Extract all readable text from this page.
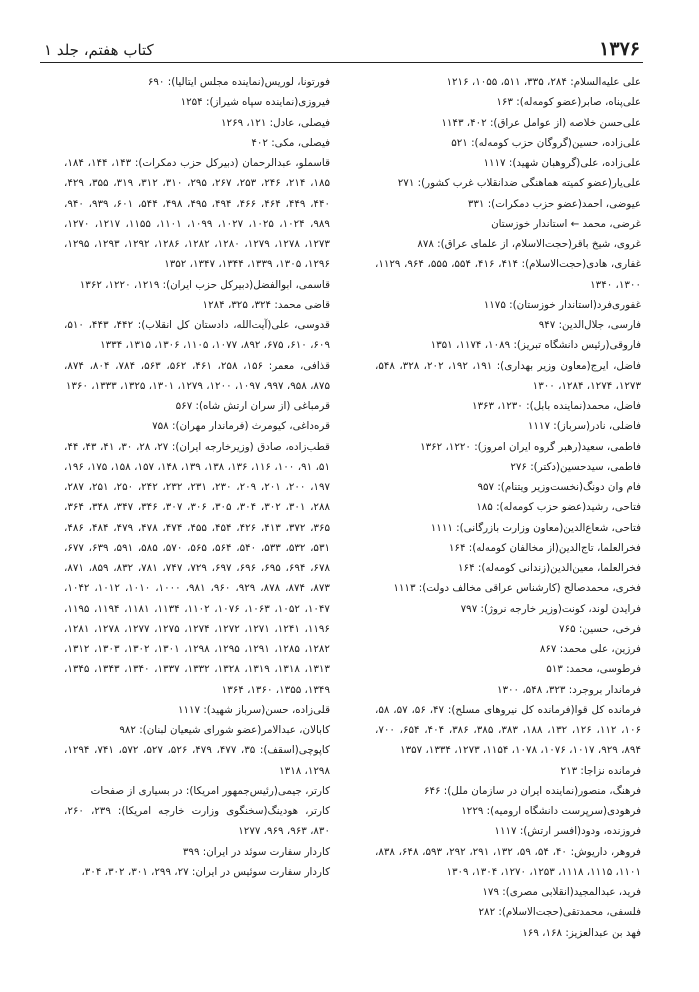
۱۳۷۶
کتاب هفتم، جلد ۱

علی علیه‌السلام: ۲۸۴، ۳۳۵، ۵۱۱، ۱۰۵۵، ۱۲۱۶

علی‌پناه، صابر(عضو کومه‌له): ۱۶۳

علی‌حسن خلاصه (از عوامل عراق): ۴۰۲، ۱۱۴۳

علی‌زاده، حسین(گروگان حزب کومه‌له): ۵۲۱

علی‌زاده، علی(گروهبان شهید): ۱۱۱۷

علی‌یار(عضو کمیته هماهنگی ضدانقلاب غرب کشور): ۲۷۱

عیوضی، احمد(عضو حزب دمکرات): ۳۳۱

غرضی، محمد ← استاندار خوزستان

غروی، شیخ باقر(حجت‌الاسلام، از علمای عراق): ۸۷۸

غفاری، هادی(حجت‌الاسلام): ۴۱۴، ۴۱۶، ۵۵۴، ۵۵۵، ۹۶۴، ۱۱۲۹، ۱۳۰۰، ۱۳۴۰

غفوری‌فرد(استاندار خوزستان): ۱۱۷۵

فارسی، جلال‌الدین: ۹۴۷

فاروقی(رئیس دانشگاه تبریز): ۱۰۸۹، ۱۱۷۴، ۱۳۵۱

فاضل، ایرج(معاون وزیر بهداری): ۱۹۱، ۱۹۲، ۲۰۲، ۳۲۸، ۵۴۸، ۱۲۷۳، ۱۲۷۴، ۱۲۸۴، ۱۳۰۰

فاضل، محمد(نماینده بابل): ۱۲۳۰، ۱۳۶۳

فاضلی، نادر(سرباز): ۱۱۱۷

فاطمی، سعید(رهبر گروه ایران امروز): ۱۲۲۰، ۱۳۶۲

فاطمی، سیدحسین(دکتر): ۲۷۶

فام وان دونگ(نخست‌وزیر ویتنام): ۹۵۷

فتاحی، رشید(عضو حزب کومه‌له): ۱۸۵

فتاحی، شعاع‌الدین(معاون وزارت بازرگانی): ۱۱۱۱

فخرالعلما، تاج‌الدین(از مخالفان کومه‌له): ۱۶۴

فخرالعلما، معین‌الدین(زندانی کومه‌له): ۱۶۴

فخری، محمدصالح (کارشناس عراقی مخالف دولت): ۱۱۱۳

فرایدن لوند، کونت(وزیر خارجه نروژ): ۷۹۷

فرخی، حسین: ۷۶۵

فرزین، علی محمد: ۸۶۷

فرطوسی، محمد: ۵۱۳

فرماندار بروجرد: ۳۲۳، ۵۴۸، ۱۳۰۰

فرمانده کل قوا(فرمانده کل نیروهای مسلح): ۴۷، ۵۶، ۵۷، ۵۸، ۱۰۶، ۱۱۲، ۱۲۶، ۱۳۲، ۱۸۸، ۳۸۳، ۳۸۵، ۳۸۶، ۴۰۴، ۶۵۴، ۷۰۰، ۸۹۴، ۹۲۹، ۱۰۱۷، ۱۰۷۶، ۱۰۷۸، ۱۱۵۴، ۱۲۷۳، ۱۳۳۴، ۱۳۵۷

فرمانده نزاجا: ۲۱۳

فرهنگ، منصور(نماینده ایران در سازمان ملل): ۶۴۶

فرهودی(سرپرست دانشگاه ارومیه): ۱۲۲۹

فروزنده، ودود(افسر ارتش): ۱۱۱۷

فروهر، داریوش: ۴۰، ۵۴، ۵۹، ۱۳۲، ۲۹۱، ۲۹۲، ۵۹۳، ۶۴۸، ۸۳۸، ۱۱۰۱، ۱۱۱۵، ۱۱۱۸، ۱۲۵۳، ۱۲۷۰، ۱۳۰۴، ۱۳۰۹

فرید، عبدالمجید(انقلابی مصری): ۱۷۹

فلسفی، محمدتقی(حجت‌الاسلام): ۲۸۲

فهد بن عبدالعزیز: ۱۶۸، ۱۶۹

فورتونا، لوریس(نماینده مجلس ایتالیا): ۶۹۰

فیروزی(نماینده سپاه شیراز): ۱۲۵۴

فیصلی، عادل: ۱۲۱، ۱۲۶۹

فیصلی، مکی: ۴۰۲

قاسملو، عبدالرحمان (دبیرکل حزب دمکرات): ۱۴۳، ۱۴۴، ۱۸۴، ۱۸۵، ۲۱۴، ۲۴۶، ۲۵۳، ۲۶۷، ۲۹۵، ۳۱۰، ۳۱۲، ۳۱۹، ۳۵۵، ۴۲۹، ۴۴۰، ۴۴۹، ۴۶۴، ۴۶۶، ۴۹۴، ۴۹۵، ۴۹۸، ۵۴۴، ۶۰۱، ۹۳۹، ۹۴۰، ۹۸۹، ۱۰۲۴، ۱۰۲۵، ۱۰۲۷، ۱۰۹۹، ۱۱۰۱، ۱۱۵۵، ۱۲۱۷، ۱۲۷۰، ۱۲۷۳، ۱۲۷۸، ۱۲۷۹، ۱۲۸۰، ۱۲۸۲، ۱۲۸۶، ۱۲۹۲، ۱۲۹۳، ۱۲۹۵، ۱۲۹۶، ۱۳۰۵، ۱۳۳۹، ۱۳۴۴، ۱۳۴۷، ۱۳۵۲

قاسمی، ابوالفضل(دبیرکل حزب ایران): ۱۲۱۹، ۱۲۲۰، ۱۳۶۲

قاضی محمد: ۳۲۴، ۳۲۵، ۱۲۸۴

قدوسی، علی(آیت‌الله، دادستان کل انقلاب): ۴۴۲، ۴۴۳، ۵۱۰، ۶۰۹، ۶۱۰، ۶۷۵، ۸۹۲، ۱۰۷۷، ۱۱۰۵، ۱۳۰۶، ۱۳۱۵، ۱۳۳۴

قذافی، معمر: ۱۵۶، ۲۵۸، ۴۶۱، ۵۶۲، ۵۶۳، ۷۸۴، ۸۰۴، ۸۷۴، ۸۷۵، ۹۵۸، ۹۹۷، ۱۰۹۷، ۱۲۰۰، ۱۲۷۹، ۱۳۰۱، ۱۳۲۵، ۱۳۳۳، ۱۳۶۰

قرمباغی (از سران ارتش شاه): ۵۶۷

قره‌داغی، کیومرث (فرماندار مهران): ۷۵۸

قطب‌زاده، صادق (وزیرخارجه ایران): ۲۷، ۲۸، ۳۰، ۴۱، ۴۳، ۴۴، ۵۱، ۹۱، ۱۰۰، ۱۱۶، ۱۳۶، ۱۳۸، ۱۳۹، ۱۴۸، ۱۵۷، ۱۵۸، ۱۷۵، ۱۹۶، ۱۹۷، ۲۰۰، ۲۰۱، ۲۰۹، ۲۳۰، ۲۳۱، ۲۳۲، ۲۴۲، ۲۵۰، ۲۵۱، ۲۸۷، ۲۸۸، ۳۰۱، ۳۰۲، ۳۰۴، ۳۰۵، ۳۰۶، ۳۰۷، ۳۴۶، ۳۴۷، ۳۴۸، ۳۶۴، ۳۶۵، ۳۷۲، ۴۱۳، ۴۲۶، ۴۵۴، ۴۵۵، ۴۷۴، ۴۷۸، ۴۷۹، ۴۸۴، ۴۸۶، ۵۳۱، ۵۳۲، ۵۳۳، ۵۴۰، ۵۶۴، ۵۶۵، ۵۷۰، ۵۸۵، ۵۹۱، ۶۳۹، ۶۷۷، ۶۷۸، ۶۹۴، ۶۹۵، ۶۹۶، ۶۹۷، ۷۲۹، ۷۴۷، ۷۸۱، ۸۳۲، ۸۵۹، ۸۷۱، ۸۷۳، ۸۷۴، ۸۷۸، ۹۲۹، ۹۶۰، ۹۸۱، ۱۰۰۰، ۱۰۱۰، ۱۰۱۲، ۱۰۴۲، ۱۰۴۷، ۱۰۵۲، ۱۰۶۳، ۱۰۷۶، ۱۱۰۲، ۱۱۳۴، ۱۱۸۱، ۱۱۹۴، ۱۱۹۵، ۱۱۹۶، ۱۲۴۱، ۱۲۷۱، ۱۲۷۲، ۱۲۷۴، ۱۲۷۵، ۱۲۷۷، ۱۲۷۸، ۱۲۸۱، ۱۲۸۲، ۱۲۸۵، ۱۲۹۱، ۱۲۹۵، ۱۲۹۸، ۱۳۰۱، ۱۳۰۲، ۱۳۰۳، ۱۳۱۲، ۱۳۱۳، ۱۳۱۸، ۱۳۱۹، ۱۳۲۸، ۱۳۳۲، ۱۳۳۷، ۱۳۴۰، ۱۳۴۳، ۱۳۴۵، ۱۳۴۹، ۱۳۵۵، ۱۳۶۰، ۱۳۶۴

قلی‌زاده، حسن(سرباز شهید): ۱۱۱۷

کابالان، عبدالامر(عضو شورای شیعیان لبنان): ۹۸۲

کاپوچی(اسقف): ۳۵، ۴۷۷، ۴۷۹، ۵۲۶، ۵۲۷، ۵۷۲، ۷۴۱، ۱۲۹۴، ۱۲۹۸، ۱۳۱۸

کارتر، جیمی(رئیس‌جمهور امریکا): در بسیاری از صفحات

کارتر، هودینگ(سخنگوی وزارت خارجه امریکا): ۲۳۹، ۲۶۰، ۸۳۰، ۹۶۳، ۹۶۹، ۱۲۷۷

کاردار سفارت سوئد در ایران: ۳۹۹

کاردار سفارت سوئیس در ایران: ۲۷، ۲۹۹، ۳۰۱، ۳۰۲، ۳۰۴،
